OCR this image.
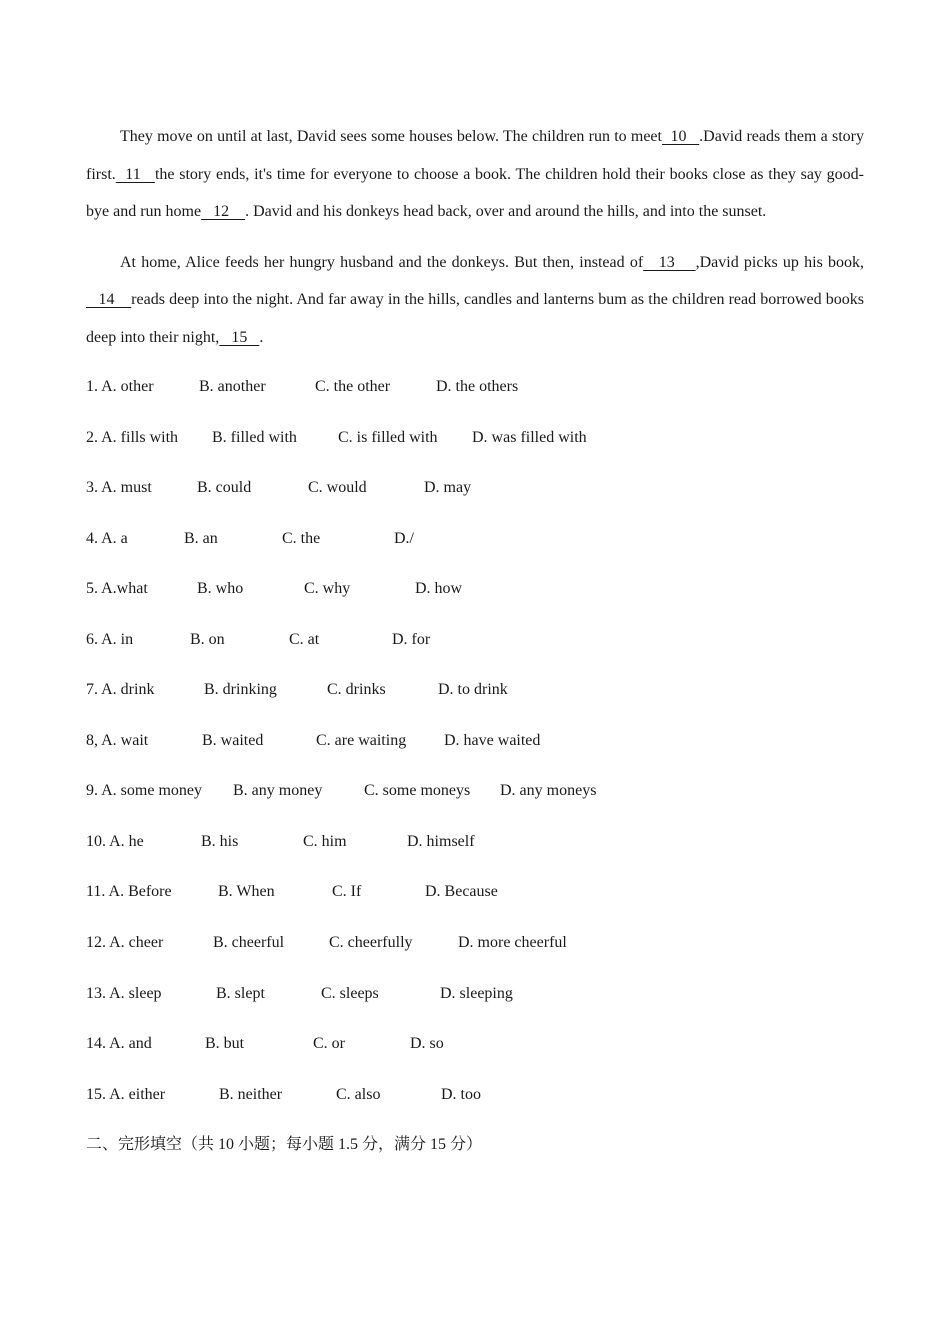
They move on until at last, David sees some houses below. The children run to meet  10   .David reads them a story first.  11   the story ends, it's time for everyone to choose a book. The children hold their books close as they say good-bye and run home   12    . David and his donkeys head back, over and around the hills, and into the sunset.

At home, Alice feeds her hungry husband and the donkeys. But then, instead of   13    ,David picks up his book,   14    reads deep into the night. And far away in the hills, candles and lanterns bum as the children read borrowed books deep into their night,   15   .

1. A. other	B. another	C. the other	D. the others
2. A. fills with	B. filled with	C. is filled with	D. was filled with
3. A. must	B. could	C. would	D. may
4. A. a	B. an	C. the	D./
5. A.what	B. who	C. why	D. how
6. A. in	B. on	C. at	D. for
7. A. drink	B. drinking	C. drinks	D. to drink
8, A. wait	B. waited	C. are waiting	D. have waited
9. A. some money	B. any money	C. some moneys	D. any moneys
10. A. he	B. his	C. him	D. himself
11. A. Before	B. When	C. If	D. Because
12. A. cheer	B. cheerful	C. cheerfully	D. more cheerful
13. A. sleep	B. slept	C. sleeps	D. sleeping
14. A. and	B. but	C. or	D. so
15. A. either	B. neither	C. also	D. too
二、完形填空（共 10 小题；每小题 1.5 分，满分 15 分）
